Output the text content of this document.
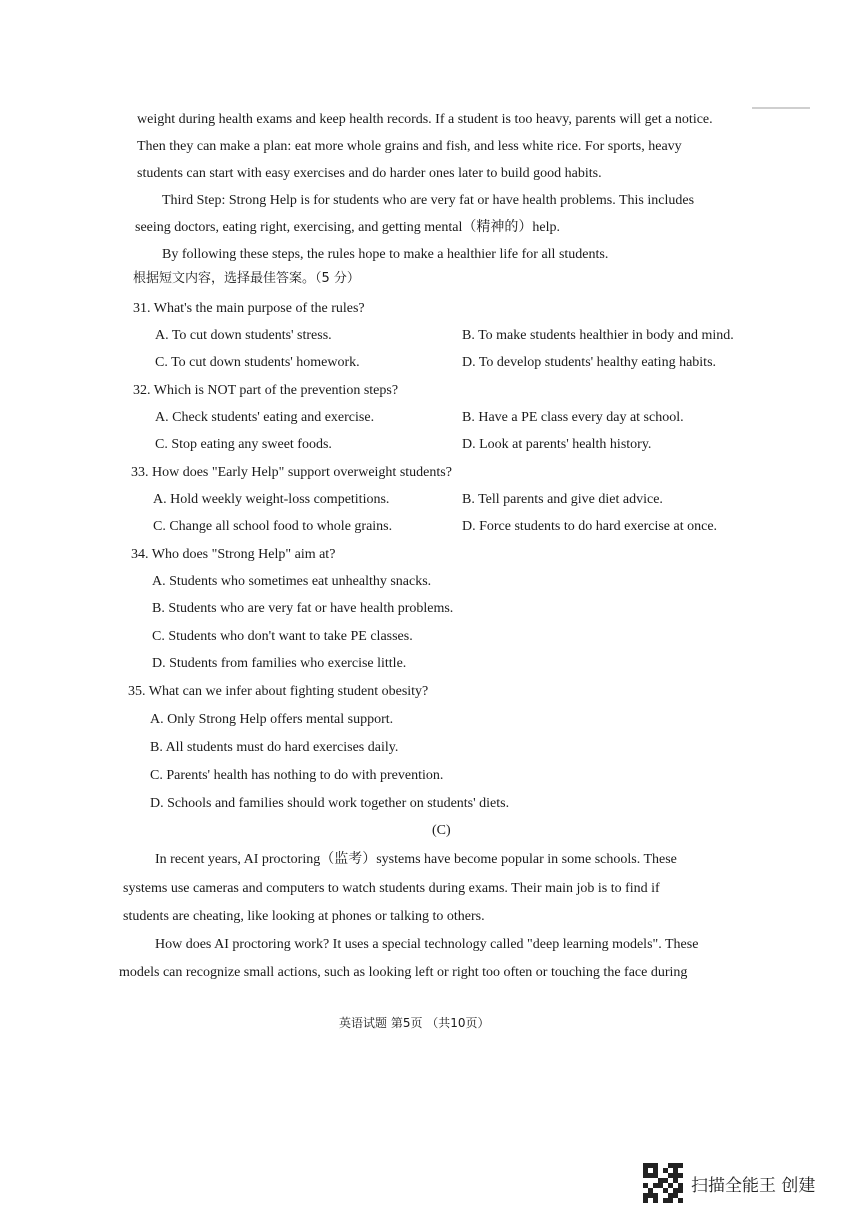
weight during health exams and keep health records. If a student is too heavy, parents will get a notice.
Then they can make a plan: eat more whole grains and fish, and less white rice. For sports, heavy
students can start with easy exercises and do harder ones later to build good habits.
Third Step: Strong Help is for students who are very fat or have health problems. This includes
seeing doctors, eating right, exercising, and getting mental（精神的）help.
By following these steps, the rules hope to make a healthier life for all students.
根据短文内容，选择最佳答案。（5 分）
31. What's the main purpose of the rules?
A. To cut down students' stress.	B. To make students healthier in body and mind.
C. To cut down students' homework.	D. To develop students' healthy eating habits.
32. Which is NOT part of the prevention steps?
A. Check students' eating and exercise.	B. Have a PE class every day at school.
C. Stop eating any sweet foods.	D. Look at parents' health history.
33. How does "Early Help" support overweight students?
A. Hold weekly weight-loss competitions.	B. Tell parents and give diet advice.
C. Change all school food to whole grains.	D. Force students to do hard exercise at once.
34. Who does "Strong Help" aim at?
A. Students who sometimes eat unhealthy snacks.
B. Students who are very fat or have health problems.
C. Students who don't want to take PE classes.
D. Students from families who exercise little.
35. What can we infer about fighting student obesity?
A. Only Strong Help offers mental support.
B. All students must do hard exercises daily.
C. Parents' health has nothing to do with prevention.
D. Schools and families should work together on students' diets.
(C)
In recent years, AI proctoring（监考）systems have become popular in some schools. These
systems use cameras and computers to watch students during exams. Their main job is to find if
students are cheating, like looking at phones or talking to others.
How does AI proctoring work? It uses a special technology called "deep learning models". These
models can recognize small actions, such as looking left or right too often or touching the face during
英语试题 第5页 （共10页）
扫描全能王 创建
